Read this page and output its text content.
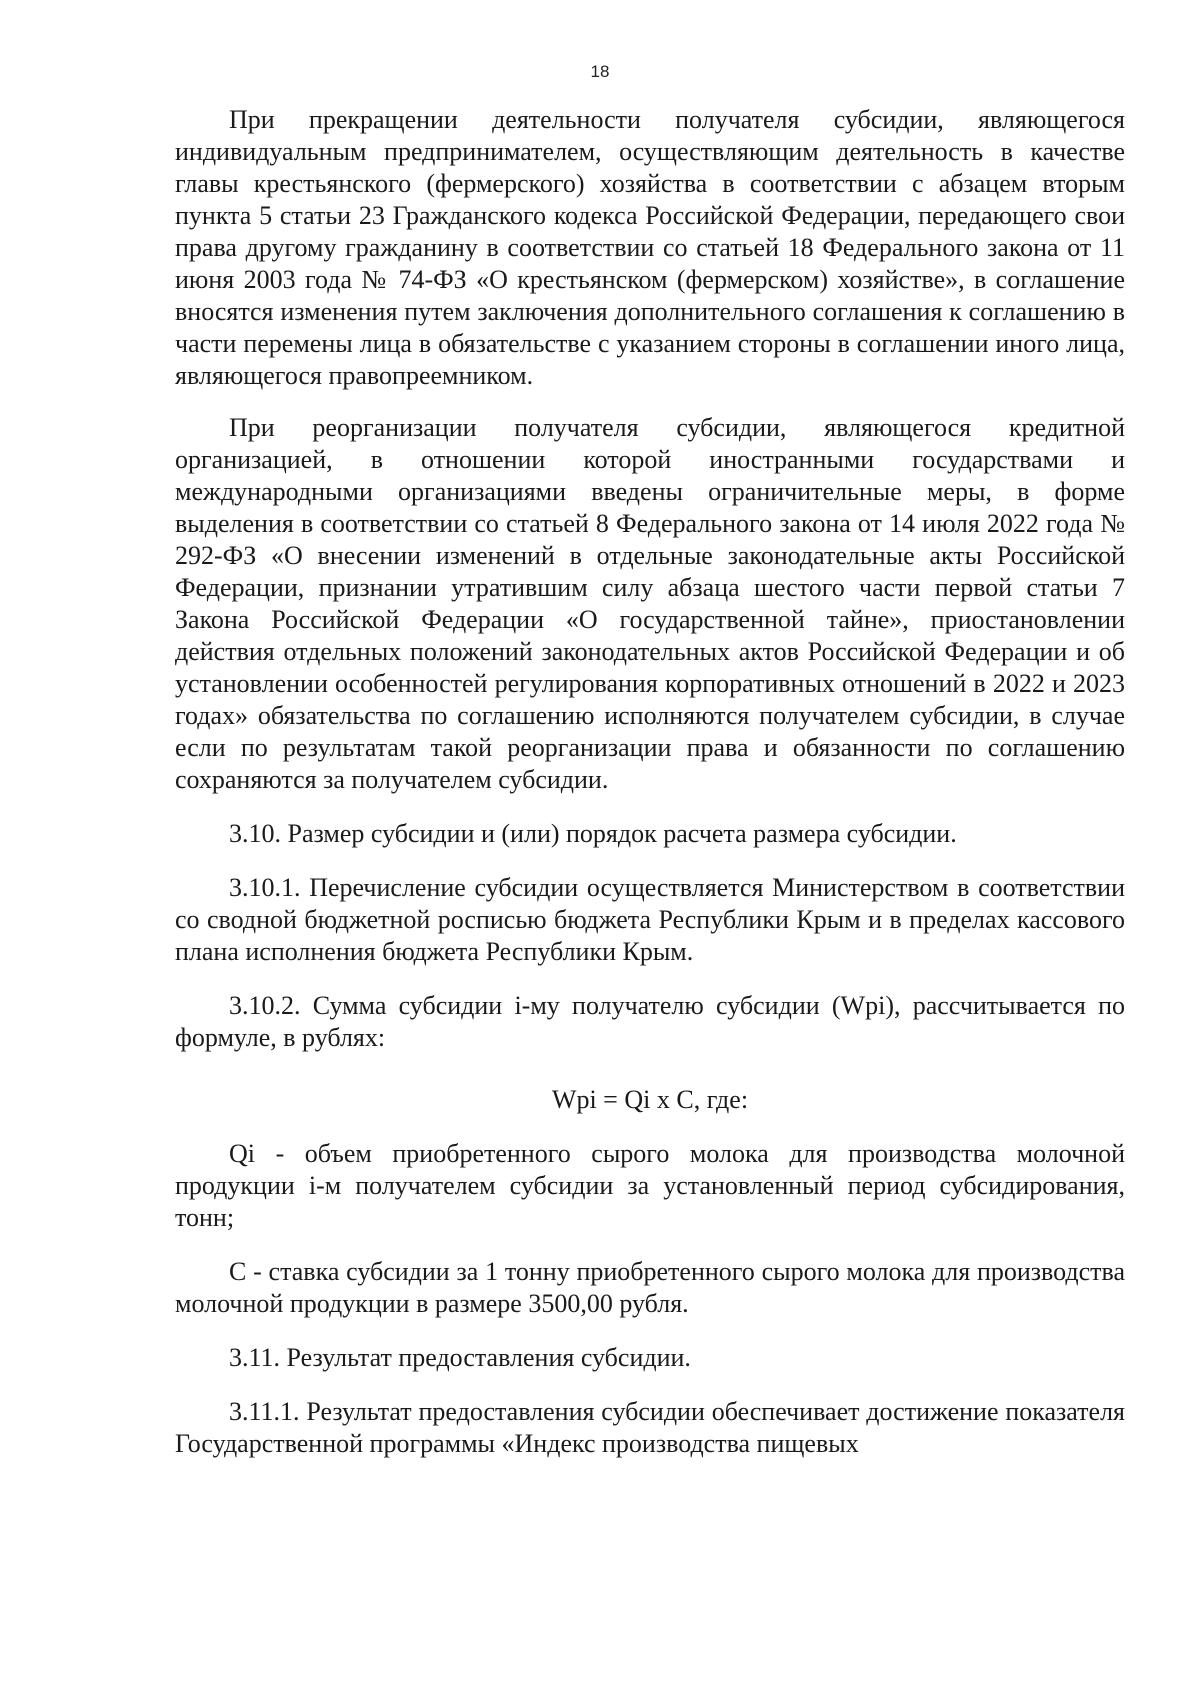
18

При прекращении деятельности получателя субсидии, являющегося индивидуальным предпринимателем, осуществляющим деятельность в качестве главы крестьянского (фермерского) хозяйства в соответствии с абзацем вторым пункта 5 статьи 23 Гражданского кодекса Российской Федерации, передающего свои права другому гражданину в соответствии со статьей 18 Федерального закона от 11 июня 2003 года № 74-ФЗ «О крестьянском (фермерском) хозяйстве», в соглашение вносятся изменения путем заключения дополнительного соглашения к соглашению в части перемены лица в обязательстве с указанием стороны в соглашении иного лица, являющегося правопреемником.

При реорганизации получателя субсидии, являющегося кредитной организацией, в отношении которой иностранными государствами и международными организациями введены ограничительные меры, в форме выделения в соответствии со статьей 8 Федерального закона от 14 июля 2022 года № 292-ФЗ «О внесении изменений в отдельные законодательные акты Российской Федерации, признании утратившим силу абзаца шестого части первой статьи 7 Закона Российской Федерации «О государственной тайне», приостановлении действия отдельных положений законодательных актов Российской Федерации и об установлении особенностей регулирования корпоративных отношений в 2022 и 2023 годах» обязательства по соглашению исполняются получателем субсидии, в случае если по результатам такой реорганизации права и обязанности по соглашению сохраняются за получателем субсидии.

3.10. Размер субсидии и (или) порядок расчета размера субсидии.

3.10.1. Перечисление субсидии осуществляется Министерством в соответствии со сводной бюджетной росписью бюджета Республики Крым и в пределах кассового плана исполнения бюджета Республики Крым.

3.10.2. Сумма субсидии i-му получателю субсидии (Wpi), рассчитывается по формуле, в рублях:

Wpi = Qi х С, где:

Qi - объем приобретенного сырого молока для производства молочной продукции i-м получателем субсидии за установленный период субсидирования, тонн;

С - ставка субсидии за 1 тонну приобретенного сырого молока для производства молочной продукции в размере 3500,00 рубля.

3.11. Результат предоставления субсидии.

3.11.1. Результат предоставления субсидии обеспечивает достижение показателя Государственной программы «Индекс производства пищевых
